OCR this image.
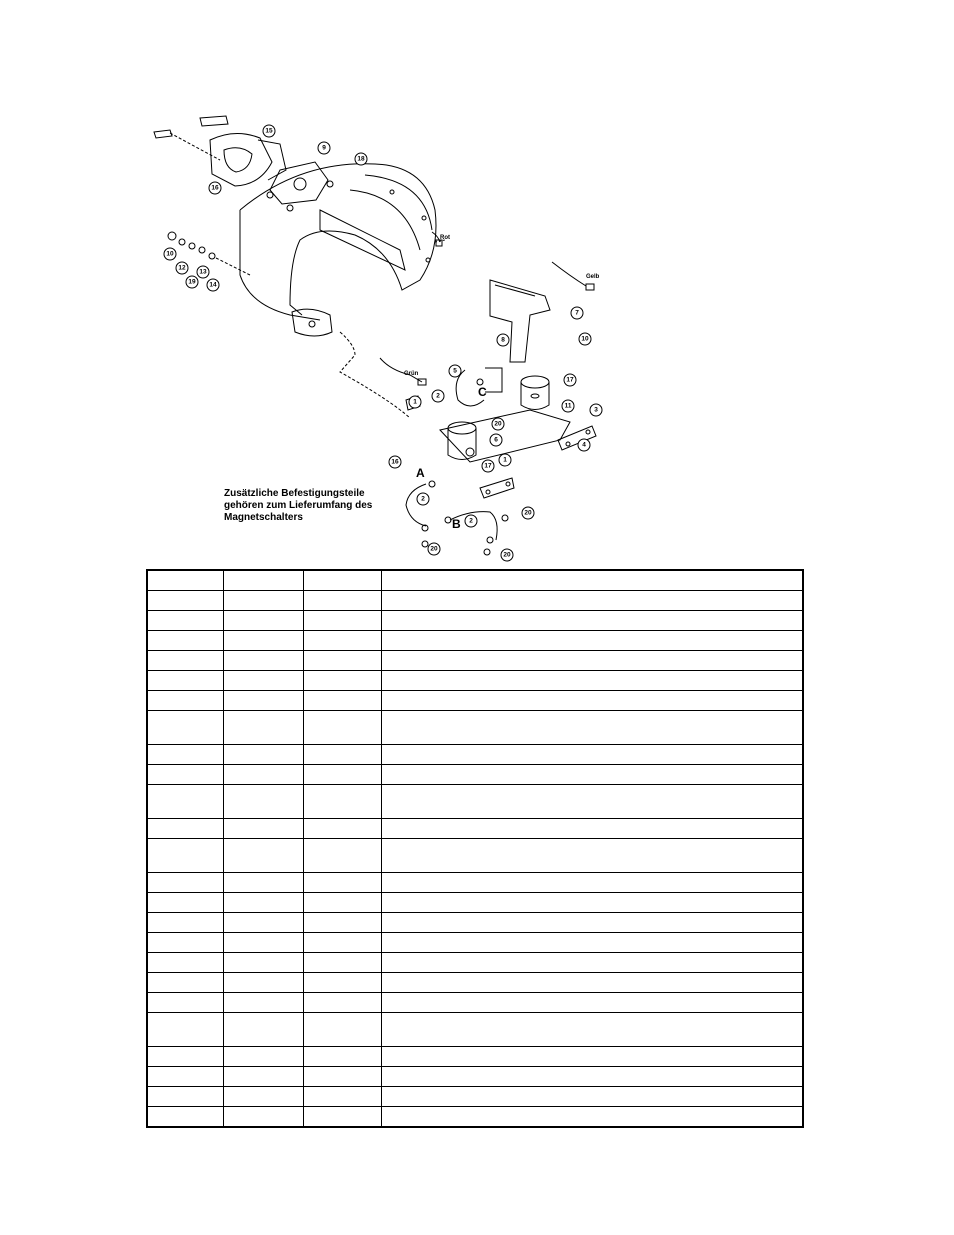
Rot
Gelb
Grün
C
A
B
16
9
18
15
10
12
19
13
14
7
10
8
5
17
2
1
11
3
20
6
4
16
17
1
2
20
20
2
20
Zusätzliche Befestigungsteile
gehören zum Lieferumfang des
Magnetschalters
